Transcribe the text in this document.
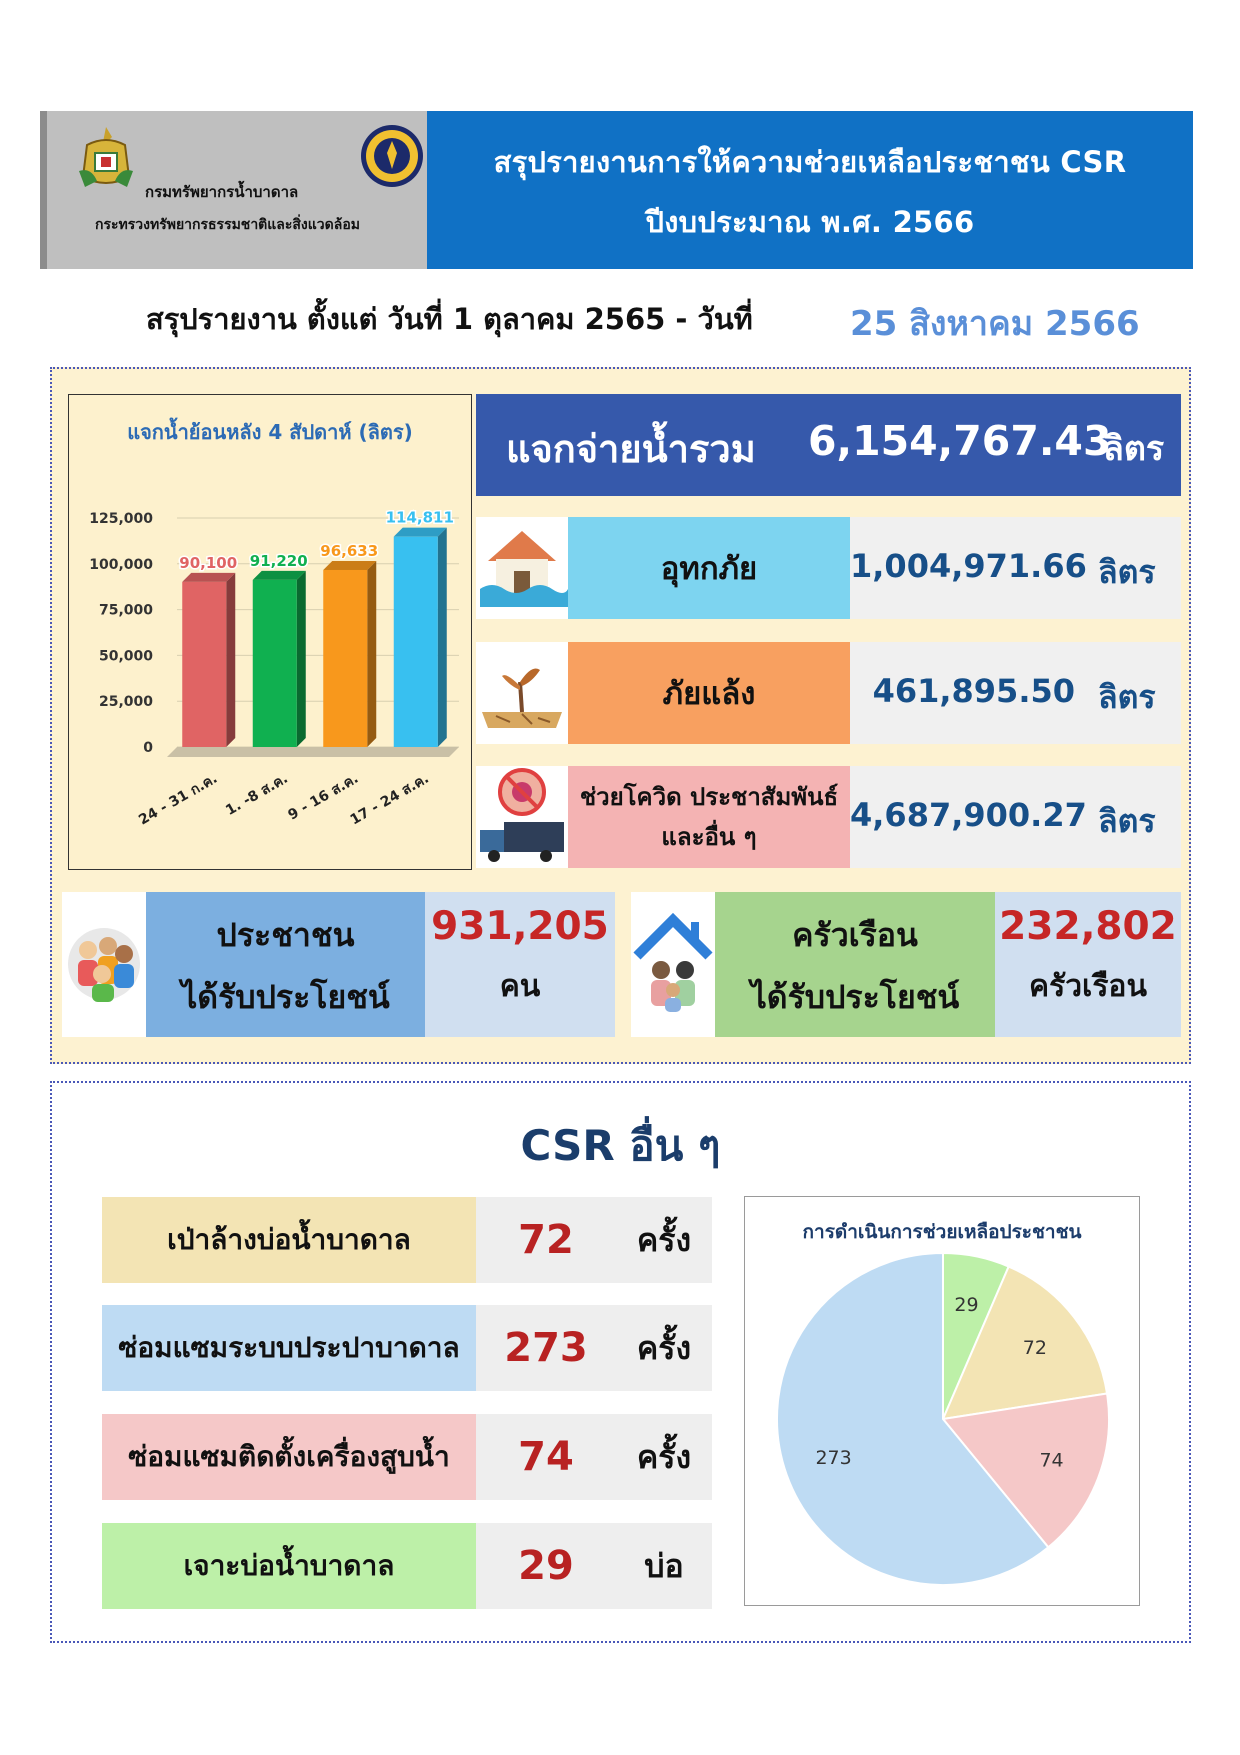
กรมทรัพยากรน้ำบาดาล
กระทรวงทรัพยากรธรรมชาติและสิ่งแวดล้อม
สรุปรายงานการให้ความช่วยเหลือประชาชน CSR
ปีงบประมาณ พ.ศ. 2566
สรุปรายงาน ตั้งแต่ วันที่ 1 ตุลาคม 2565 - วันที่	25 สิงหาคม 2566
125,000
100,000
75,000
50,000
25,000
0
90,100
24 - 31 ก.ค.
91,220
1. -8 ส.ค.
96,633
9 - 16 ส.ค.
114,811
17 - 24 ส.ค.
แจกน้ำย้อนหลัง 4 สัปดาห์ (ลิตร)	แจกจ่ายน้ำรวม 6,154,767.43
ลิตร
อุทกภัย	1,004,971.66 ลิตร
ภัยแล้ง	461,895.50 ลิตร
ช่วยโควิด ประชาสัมพันธ์ และอื่น ๆ
4,687,900.27 ลิตร
ประชาชน
ได้รับประโยชน์
931,205
คน
ครัวเรือน
ได้รับประโยชน์
232,802
ครัวเรือน
CSR อื่น ๆ
เป่าล้างบ่อน้ำบาดาล	72	ครั้ง
ซ่อมแซมระบบประปาบาดาล	273	ครั้ง
ซ่อมแซมติดตั้งเครื่องสูบน้ำ	74	ครั้ง
เจาะบ่อน้ำบาดาล	29	บ่อ
การดำเนินการช่วยเหลือประชาชน
29
72
74
273
